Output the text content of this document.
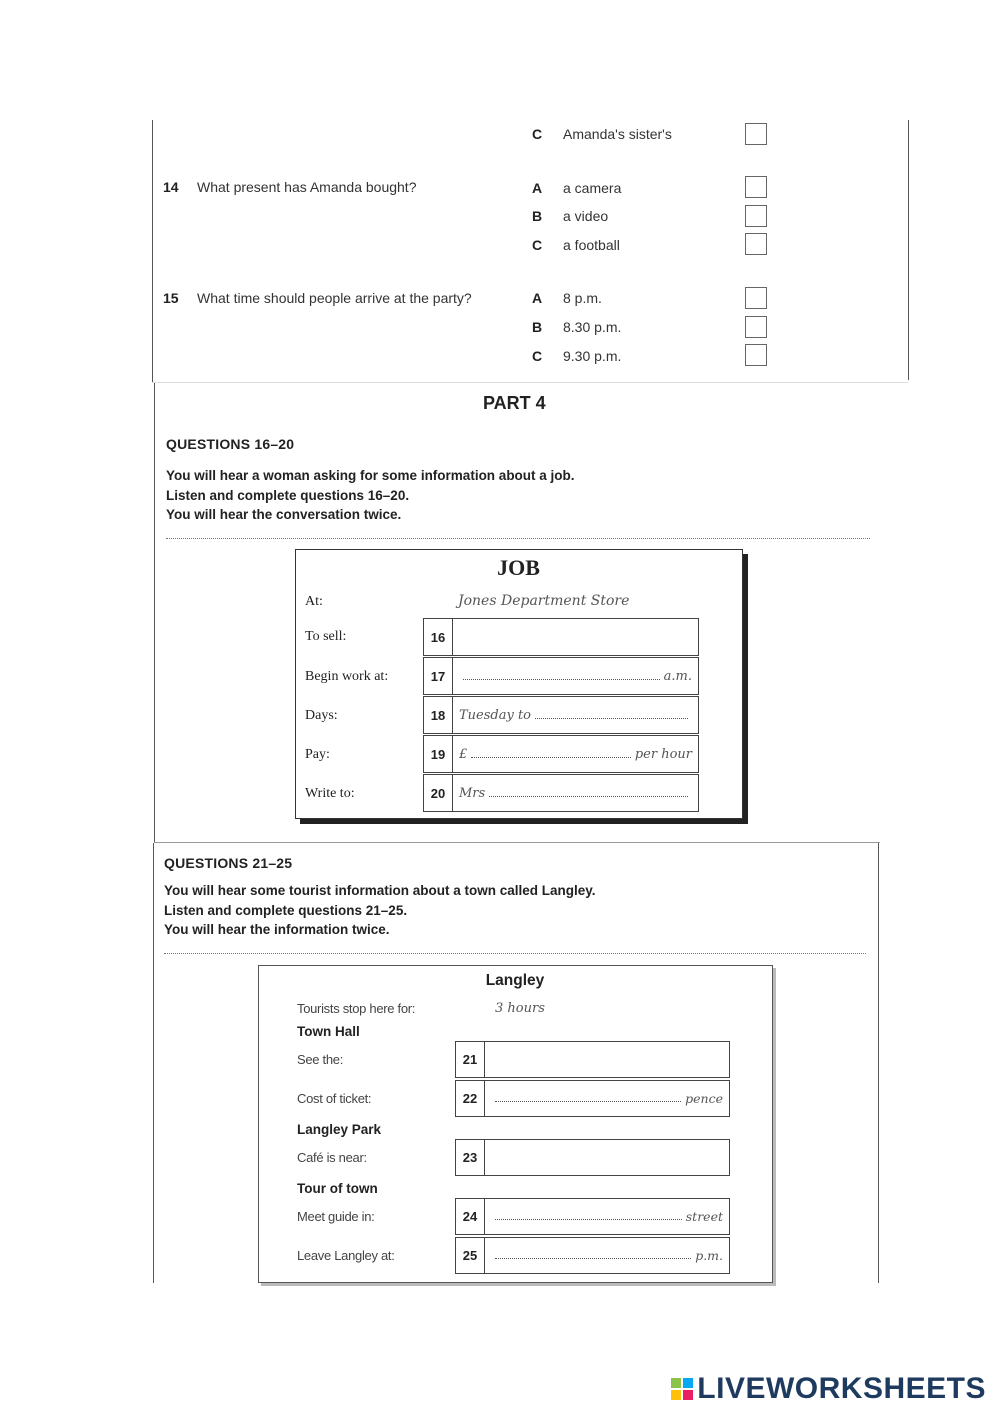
C Amanda's sister's
14 What present has Amanda bought?	A a camera
B a video
C a football
15 What time should people arrive at the party?	A 8 p.m.
B 8.30 p.m.
C 9.30 p.m.
PART 4
QUESTIONS 16–20
You will hear a woman asking for some information about a job.
Listen and complete questions 16–20.
You will hear the conversation twice.
JOB
At:	Jones Department Store
To sell:	16
Begin work at:	17	a.m.
Days:	18	Tuesday to
Pay:	19	£	per hour
Write to:	20	Mrs
QUESTIONS 21–25
You will hear some tourist information about a town called Langley.
Listen and complete questions 21–25.
You will hear the information twice.
Langley
Tourists stop here for:	3 hours
Town Hall
See the:	21
Cost of ticket:	22	pence
Langley Park
Café is near:	23
Tour of town
Meet guide in:	24	street
Leave Langley at:	25	p.m.
LIVEWORKSHEETS
